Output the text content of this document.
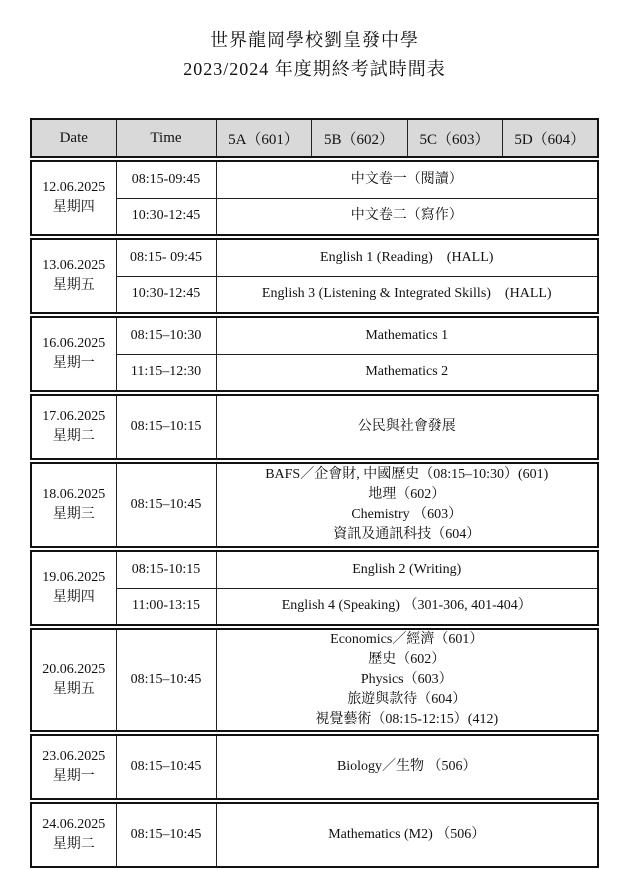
世界龍岡學校劉皇發中學
2023/2024 年度期終考試時間表
Date	Time	5A（601）	5B（602）	5C（603）	5D（604）

12.06.2025
星期四	08:15-09:45	中文卷一（閱讀）			

	10:30-12:45	中文卷二（寫作）			

13.06.2025
星期五	08:15- 09:45	English 1 (Reading)　(HALL)			

	10:30-12:45	English 3 (Listening & Integrated Skills)　(HALL)			

16.06.2025
星期一	08:15–10:30	Mathematics 1			

	11:15–12:30	Mathematics 2			

17.06.2025
星期二	08:15–10:15	公民與社會發展			

18.06.2025
星期三	08:15–10:45	BAFS／企會財, 中國歷史（08:15–10:30）(601)
地理（602）
Chemistry （603）
資訊及通訊科技（604）			

19.06.2025
星期四	08:15-10:15	English 2 (Writing)			

	11:00-13:15	English 4 (Speaking) （301-306, 401-404）			

20.06.2025
星期五	08:15–10:45	Economics／經濟（601）
歷史（602）
Physics（603）
旅遊與款待（604）
視覺藝術（08:15-12:15）(412)			

23.06.2025
星期一	08:15–10:45	Biology／生物 （506）			

24.06.2025
星期二	08:15–10:45	Mathematics (M2) （506）			
